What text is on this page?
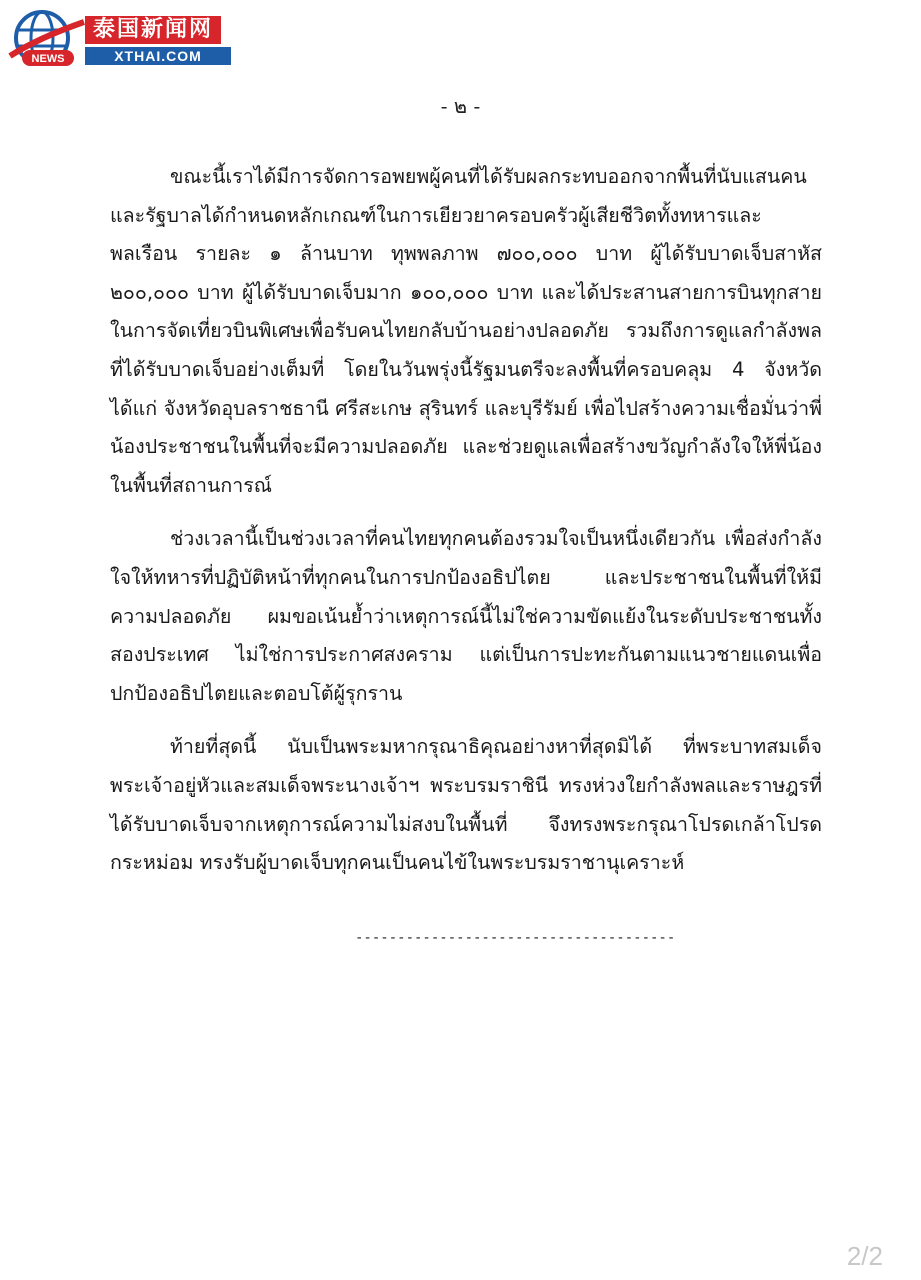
NEWS
泰国新闻网
XTHAI.COM
- ๒ -

ขณะนี้เราได้มีการจัดการอพยพผู้คนที่ได้รับผลกระทบออกจากพื้นที่นับแสนคน และรัฐบาลได้กำหนดหลักเกณฑ์ในการเยียวยาครอบครัวผู้เสียชีวิตทั้งทหารและพลเรือน รายละ ๑ ล้านบาท ทุพพลภาพ ๗๐๐,๐๐๐ บาท ผู้ได้รับบาดเจ็บสาหัส ๒๐๐,๐๐๐ บาท ผู้ได้รับบาดเจ็บมาก ๑๐๐,๐๐๐ บาท และได้ประสานสายการบินทุกสายในการจัดเที่ยวบินพิเศษเพื่อรับคนไทยกลับบ้านอย่างปลอดภัย รวมถึงการดูแลกำลังพลที่ได้รับบาดเจ็บอย่างเต็มที่ โดยในวันพรุ่งนี้รัฐมนตรีจะลงพื้นที่ครอบคลุม 4 จังหวัด ได้แก่ จังหวัดอุบลราชธานี ศรีสะเกษ สุรินทร์ และบุรีรัมย์ เพื่อไปสร้างความเชื่อมั่นว่าพี่น้องประชาชนในพื้นที่จะมีความปลอดภัย และช่วยดูแลเพื่อสร้างขวัญกำลังใจให้พี่น้องในพื้นที่สถานการณ์

ช่วงเวลานี้เป็นช่วงเวลาที่คนไทยทุกคนต้องรวมใจเป็นหนึ่งเดียวกัน เพื่อส่งกำลังใจให้ทหารที่ปฏิบัติหน้าที่ทุกคนในการปกป้องอธิปไตย และประชาชนในพื้นที่ให้มีความปลอดภัย ผมขอเน้นย้ำว่าเหตุการณ์นี้ไม่ใช่ความขัดแย้งในระดับประชาชนทั้งสองประเทศ ไม่ใช่การประกาศสงคราม แต่เป็นการปะทะกันตามแนวชายแดนเพื่อปกป้องอธิปไตยและตอบโต้ผู้รุกราน

ท้ายที่สุดนี้ นับเป็นพระมหากรุณาธิคุณอย่างหาที่สุดมิได้ ที่พระบาทสมเด็จพระเจ้าอยู่หัวและสมเด็จพระนางเจ้าฯ พระบรมราชินี ทรงห่วงใยกำลังพลและราษฎรที่ได้รับบาดเจ็บจากเหตุการณ์ความไม่สงบในพื้นที่ จึงทรงพระกรุณาโปรดเกล้าโปรดกระหม่อม ทรงรับผู้บาดเจ็บทุกคนเป็นคนไข้ในพระบรมราชานุเคราะห์

--------------------------------------
2/2
